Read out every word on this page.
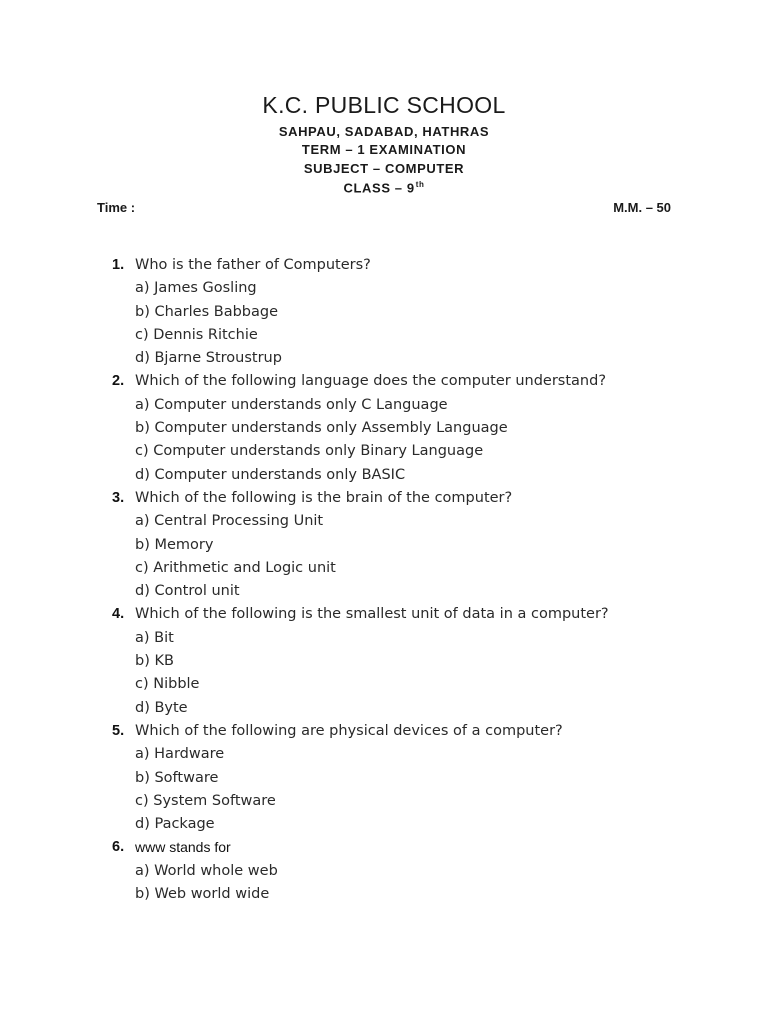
K.C. PUBLIC SCHOOL
SAHPAU, SADABAD, HATHRAS
TERM – 1 EXAMINATION
SUBJECT – COMPUTER
CLASS – 9th
Time :	M.M. – 50
1. Who is the father of Computers?
a) James Gosling
b) Charles Babbage
c) Dennis Ritchie
d) Bjarne Stroustrup
2. Which of the following language does the computer understand?
a) Computer understands only C Language
b) Computer understands only Assembly Language
c) Computer understands only Binary Language
d) Computer understands only BASIC
3. Which of the following is the brain of the computer?
a) Central Processing Unit
b) Memory
c) Arithmetic and Logic unit
d) Control unit
4. Which of the following is the smallest unit of data in a computer?
a) Bit
b) KB
c) Nibble
d) Byte
5. Which of the following are physical devices of a computer?
a) Hardware
b) Software
c) System Software
d) Package
6. www stands for
a) World whole web
b) Web world wide
